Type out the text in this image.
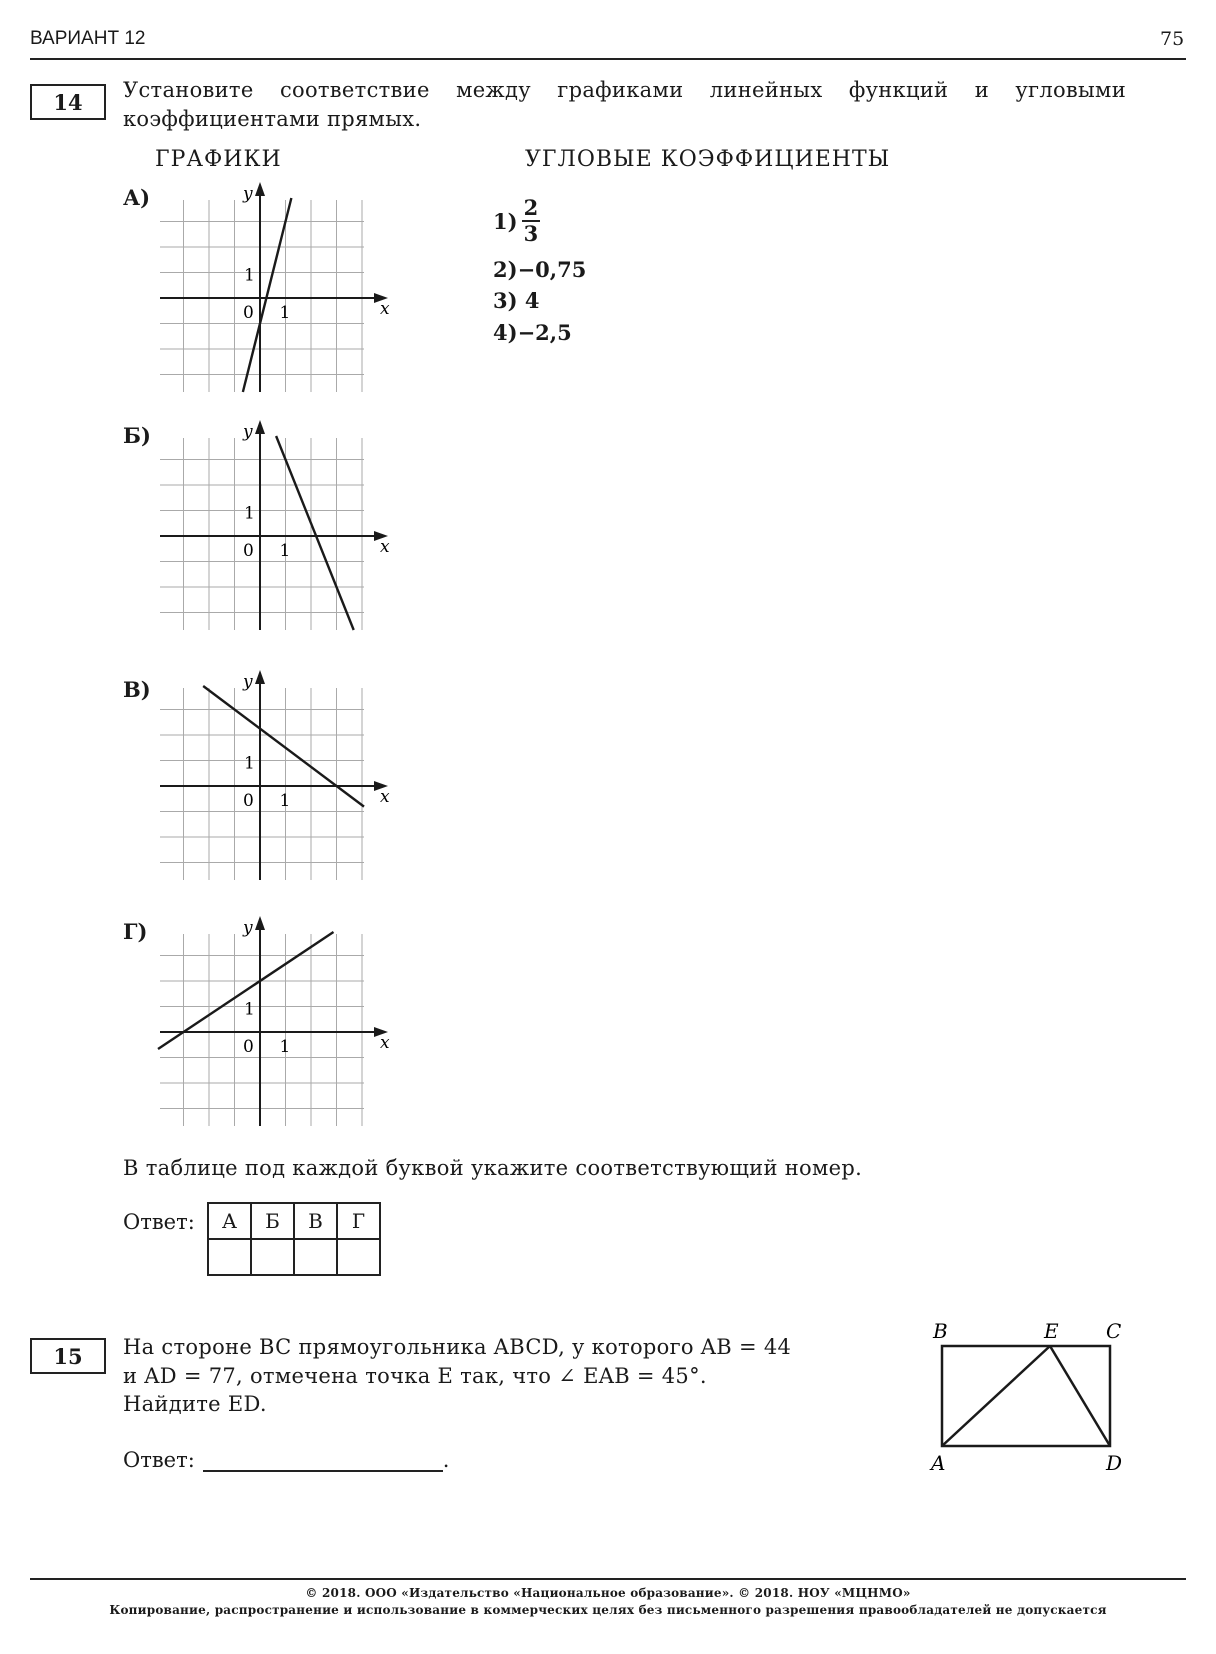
ВАРИАНТ 12	75
14	Установите соответствие между графиками линейных функций и угловыми коэффициентами прямых.
ГРАФИКИ	УГЛОВЫЕ КОЭФФИЦИЕНТЫ
А)
Б)
В)
Г)
y
x
0 1
1
y
x
0 1
1
y
x
0 1
1
y
x
0 1
1
$1) \frac{2}{3}$
2)−0,75
3) 4
4)−2,5
В таблице под каждой буквой укажите соответствующий номер.
Ответ: А	Б	В	Г

15	На стороне BC прямоугольника ABCD, у которого AB = 44
и AD = 77, отмечена точка E так, что ∠ EAB = 45°.
Найдите ED.
Ответ:	.
B	E C
A	D
© 2018. ООО «Издательство «Национальное образование». © 2018. НОУ «МЦНМО»
Копирование, распространение и использование в коммерческих целях без письменного разрешения правообладателей не допускается
